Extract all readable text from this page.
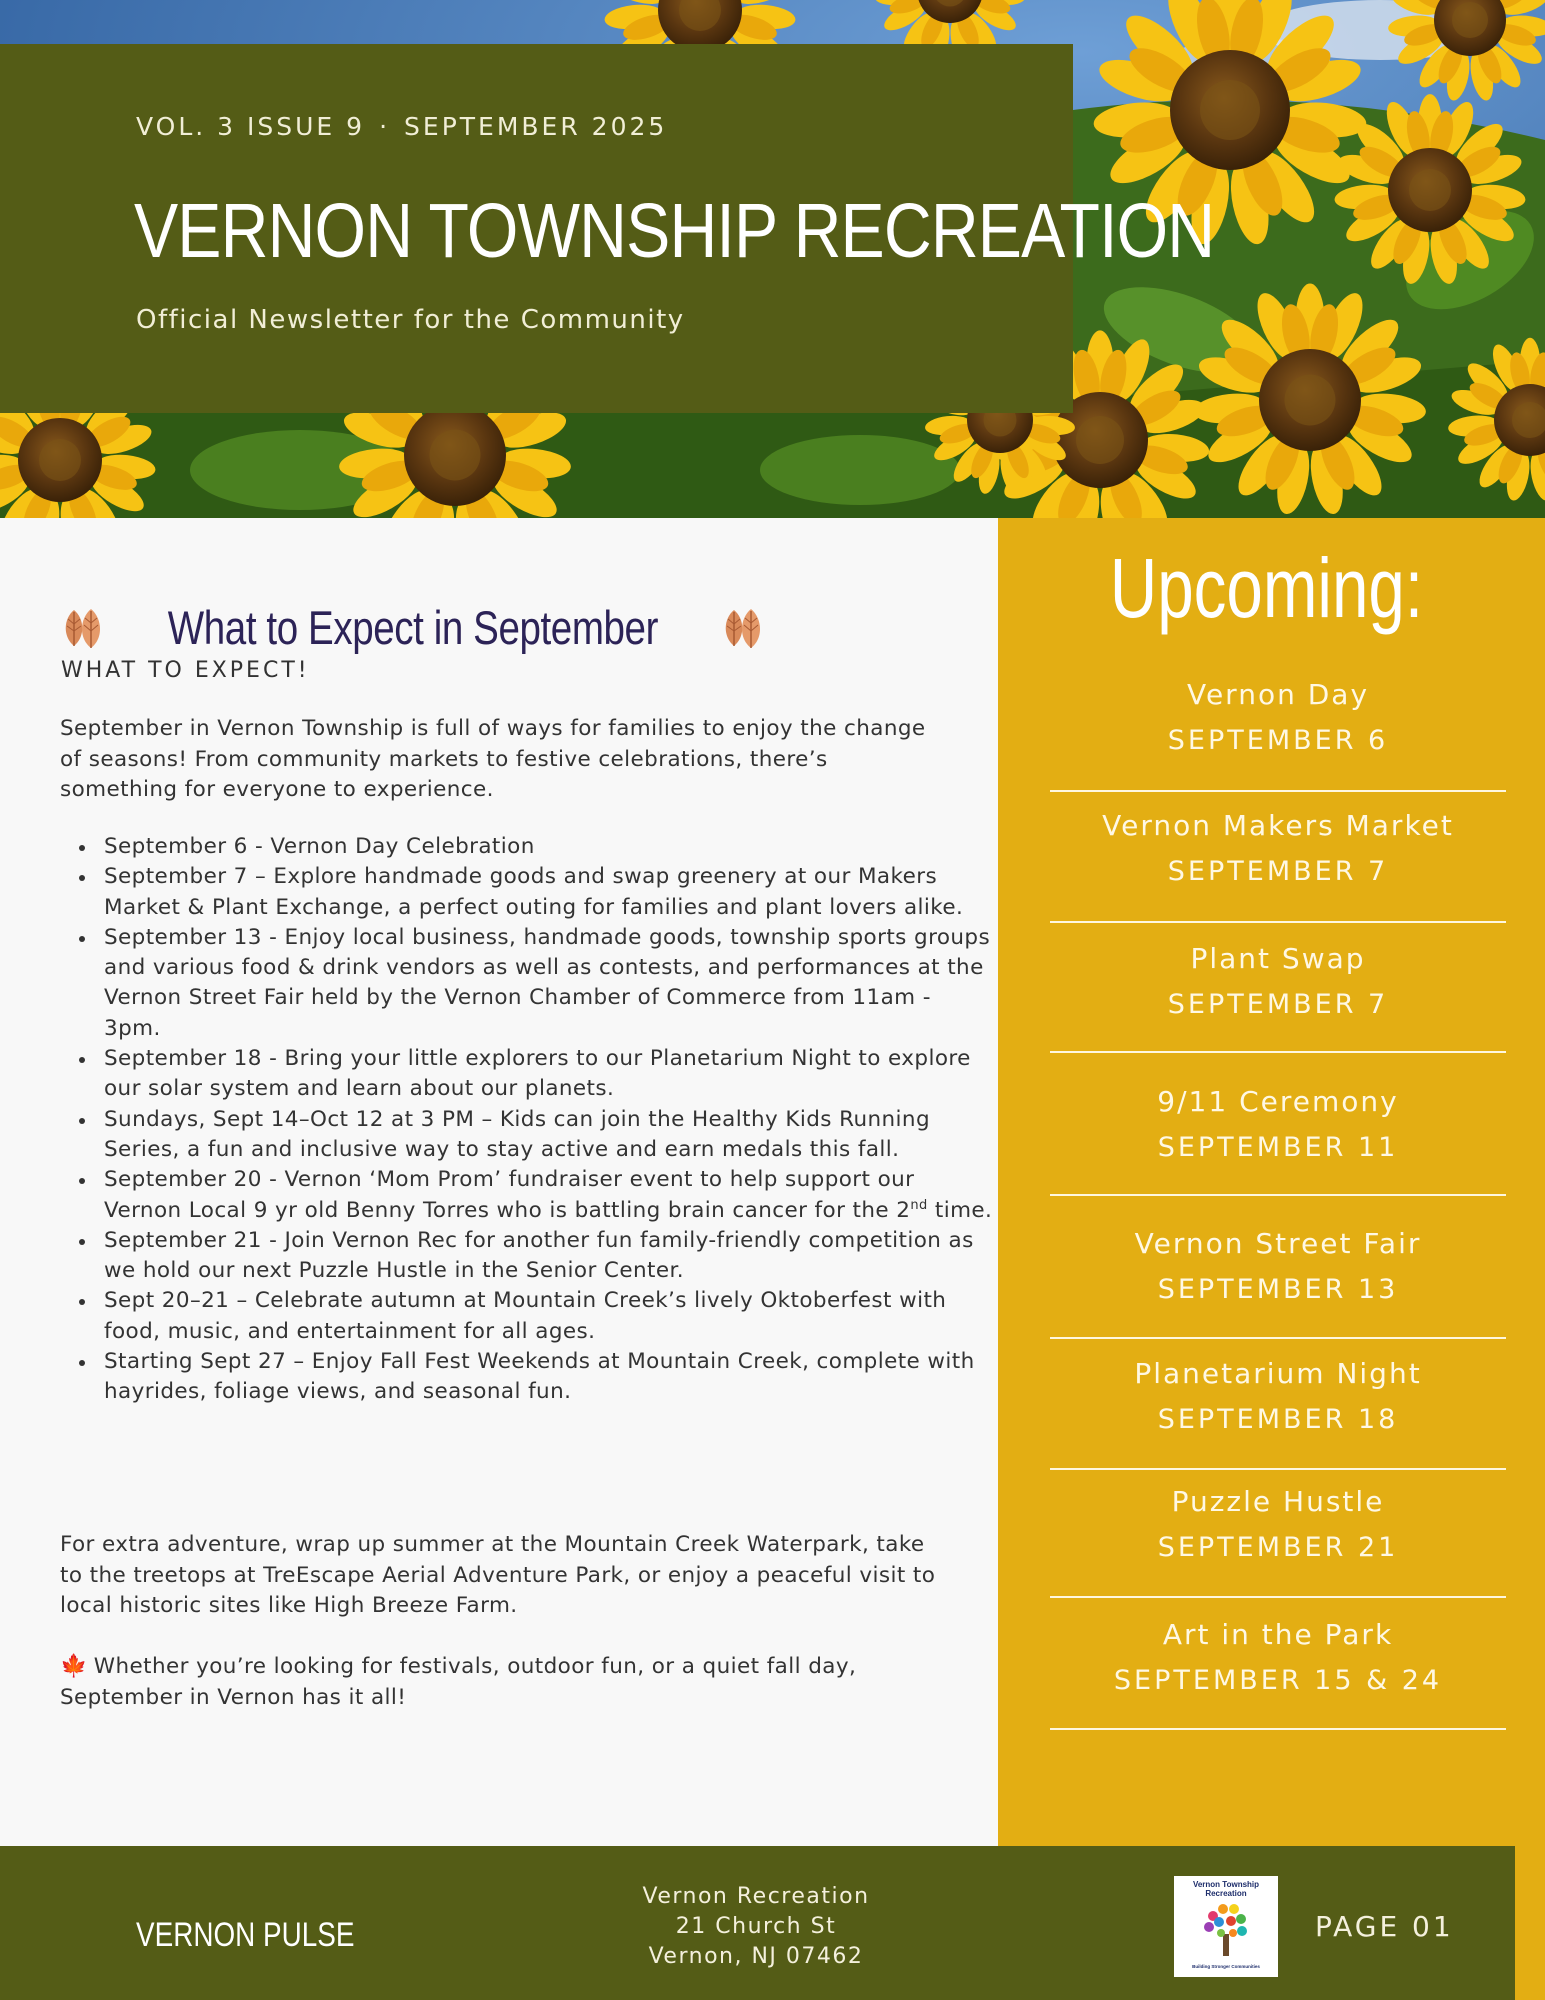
VOL. 3 ISSUE 9 · SEPTEMBER 2025
VERNON TOWNSHIP RECREATION
Official Newsletter for the Community
What to Expect in September
WHAT TO EXPECT!

September in Vernon Township is full of ways for families to enjoy the change of seasons! From community markets to festive celebrations, there’s something for everyone to experience.

September 6 - Vernon Day Celebration
September 7 – Explore handmade goods and swap greenery at our Makers Market & Plant Exchange, a perfect outing for families and plant lovers alike.
September 13 - Enjoy local business, handmade goods, township sports groups and various food & drink vendors as well as contests, and performances at the Vernon Street Fair held by the Vernon Chamber of Commerce from 11am - 3pm.
September 18 - Bring your little explorers to our Planetarium Night to explore our solar system and learn about our planets.
Sundays, Sept 14–Oct 12 at 3 PM – Kids can join the Healthy Kids Running Series, a fun and inclusive way to stay active and earn medals this fall.
September 20 - Vernon ‘Mom Prom’ fundraiser event to help support our Vernon Local 9 yr old Benny Torres who is battling brain cancer for the 2nd time.
September 21 - Join Vernon Rec for another fun family-friendly competition as we hold our next Puzzle Hustle in the Senior Center.
Sept 20–21 – Celebrate autumn at Mountain Creek’s lively Oktoberfest with food, music, and entertainment for all ages.
Starting Sept 27 – Enjoy Fall Fest Weekends at Mountain Creek, complete with hayrides, foliage views, and seasonal fun.

For extra adventure, wrap up summer at the Mountain Creek Waterpark, take to the treetops at TreEscape Aerial Adventure Park, or enjoy a peaceful visit to local historic sites like High Breeze Farm.

🍁 Whether you’re looking for festivals, outdoor fun, or a quiet fall day, September in Vernon has it all!

Upcoming:
Vernon Day
SEPTEMBER 6
Vernon Makers Market
SEPTEMBER 7
Plant Swap
SEPTEMBER 7
9/11 Ceremony
SEPTEMBER 11
Vernon Street Fair
SEPTEMBER 13
Planetarium Night
SEPTEMBER 18
Puzzle Hustle
SEPTEMBER 21
Art in the Park
SEPTEMBER 15 & 24
VERNON PULSE
Vernon Recreation
21 Church St
Vernon, NJ 07462
Vernon Township Recreation
Building Stronger Communities
PAGE 01
